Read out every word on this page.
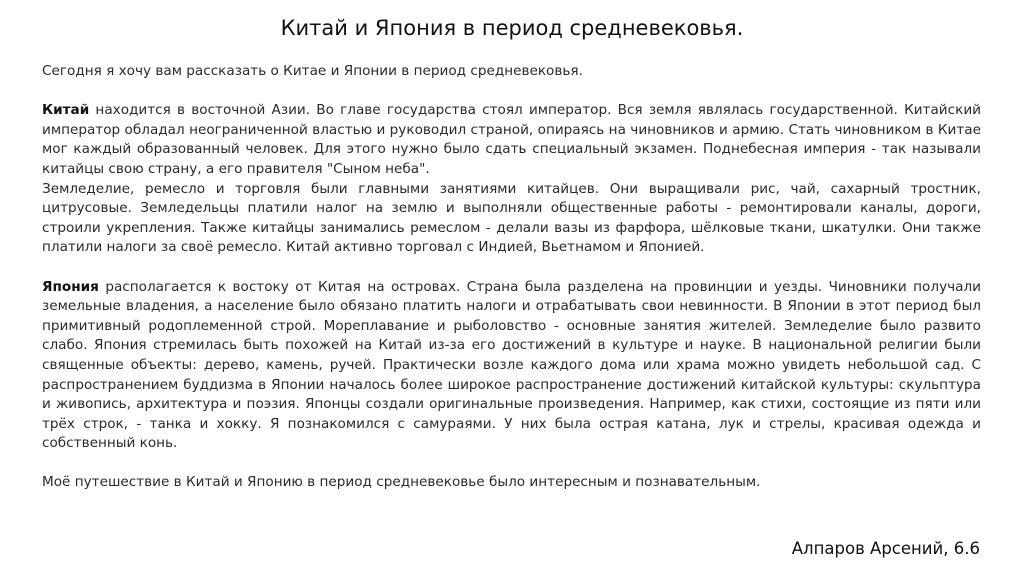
Китай и Япония в период средневековья.

Сегодня я хочу вам рассказать о Китае и Японии в период средневековья.

Китай находится в восточной Азии. Во главе государства стоял император. Вся земля являлась государственной. Китайский император обладал неограниченной властью и руководил страной, опираясь на чиновников и армию. Стать чиновником в Китае мог каждый образованный человек. Для этого нужно было сдать специальный экзамен. Поднебесная империя - так называли китайцы свою страну, а его правителя "Сыном неба".

Земледелие, ремесло и торговля были главными занятиями китайцев. Они выращивали рис, чай, сахарный тростник, цитрусовые. Земледельцы платили налог на землю и выполняли общественные работы - ремонтировали каналы, дороги, строили укрепления. Также китайцы занимались ремеслом - делали вазы из фарфора, шёлковые ткани, шкатулки. Они также платили налоги за своё ремесло. Китай активно торговал с Индией, Вьетнамом и Японией.

Япония располагается к востоку от Китая на островах. Страна была разделена на провинции и уезды. Чиновники получали земельные владения, а население было обязано платить налоги и отрабатывать свои невинности. В Японии в этот период был примитивный родоплеменной строй. Мореплавание и рыболовство - основные занятия жителей. Земледелие было развито слабо. Япония стремилась быть похожей на Китай из-за его достижений в культуре и науке. В национальной религии были священные объекты: дерево, камень, ручей. Практически возле каждого дома или храма можно увидеть небольшой сад. С распространением буддизма в Японии началось более широкое распространение достижений китайской культуры: скульптура и живопись, архитектура и поэзия. Японцы создали оригинальные произведения. Например, как стихи, состоящие из пяти или трёх строк, - танка и хокку. Я познакомился с самураями. У них была острая катана, лук и стрелы, красивая одежда и собственный конь.

Моё путешествие в Китай и Японию в период средневековье было интересным и познавательным.

Алпаров Арсений, 6.6
